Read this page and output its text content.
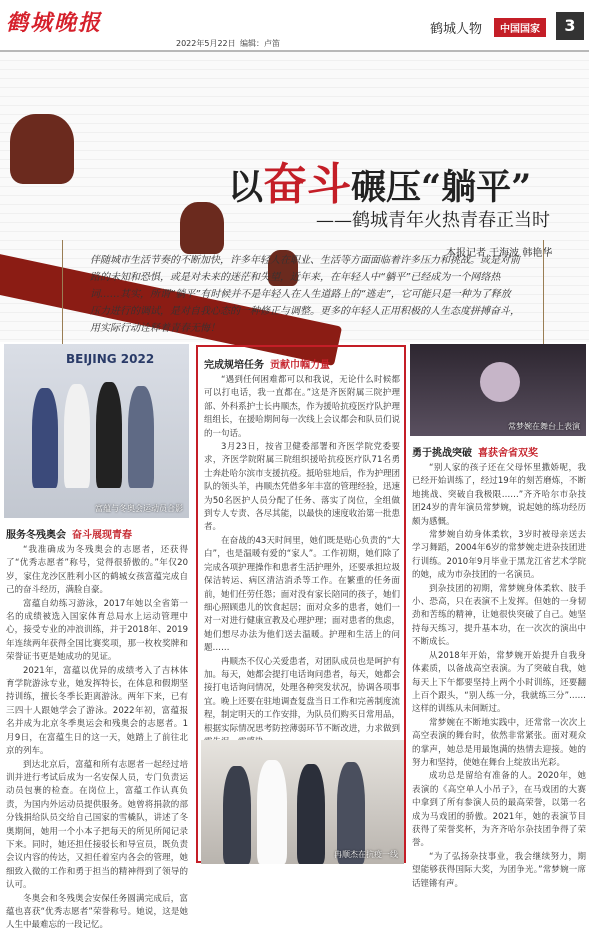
鹤城晚报
2022年5月22日 编辑：卢笛
鹤城人物	中国国家	3
以奋斗碾压“躺平”
——鹤城青年火热青春正当时
本报记者 于海波 韩艳华
伴随城市生活节奏的不断加快，许多年轻人在职业、生活等方面面临着许多压力和挑战。或是对前路的未知和恐惧，或是对未来的迷茫和失望，近年来，在年轻人中“躺平”已经成为一个网络热词……其实，所谓“躺平”有时候并不是年轻人在人生道路上的“逃走”，它可能只是一种为了释放压力进行的调试，是对自我心态的一种修正与调整。更多的年轻人正用积极的人生态度拼搏奋斗，用实际行动诠释着青春无悔！
BEIJING 2022
富蕴与冬奥会运动员合影
服务冬残奥会 奋斗展现青春

“我准确成为冬残奥会的志愿者，还获得了“优秀志愿者”称号，觉得很骄傲的。”年仅20岁，家住龙沙区胜利小区的鹤城女孩富蕴完成自己的奋斗经历，满脸自豪。

富蕴自幼练习游泳，2017年她以全省第一名的成绩被选入国家体育总局水上运动管理中心，接受专业的冲浪训练，并于2018年、2019年连续两年获得全国比赛奖项，那一枚枚奖牌和荣誉证书更是她成功的见证。

2021年，富蕴以优异的成绩考入了吉林体育学院游泳专业，她发挥特长，在体息和假期坚持训练，擅长冬季长距离游泳。两年下来，已有三四十人跟她学会了游泳。2022年初，富蕴报名并成为北京冬季奥运会和残奥会的志愿者。1月9日，在富蕴生日的这一天，她踏上了前往北京的列车。

到达北京后，富蕴和所有志愿者一起经过培训并进行考试后成为一名安保人员，专门负责运动员包裹的检查。在岗位上，富蕴工作认真负责，为国内外运动员提供服务。她曾将捐款的部分钱捐给队员交给自己国家的雪橇队，讲述了冬奥期间，她用一个小本子把每天的所见所闻记录下来。同时，她还担任接驳长和导宣员，既负责会议内容的传达，又担任着室内各会的管理，她细致入微的工作和勇于担当的精神得到了领导的认可。

冬奥会和冬残奥会安保任务圆满完成后，富蕴也喜获“优秀志愿者”荣誉称号。她说，这是她人生中最难忘的一段记忆。

完成规培任务 贡献巾帼力量

“遇到任何困难都可以和我说，无论什么时候都可以打电话，我一直都在。”这是齐医附属三院护理部、外科系护士长冉顺杰，作为援哈抗疫医疗队护理组组长，在援哈期间每一次线上会议都会和队员们说的一句话。

3月23日，按省卫健委部署和齐医学院党委要求，齐医学院附属三院组织援哈抗疫医疗队71名勇士奔赴哈尔滨市支援抗疫。抵哈驻地后，作为护理团队的领头羊，冉顺杰凭借多年丰富的管理经验，迅速为50名医护人员分配了任务、落实了岗位，全组做到专人专责、各尽其能，以最快的速度收治第一批患者。

在奋战的43天时间里，她们既是贴心负责的“大白”，也是温暖有爱的“家人”。工作初期，她们除了完成各项护理操作和患者生活护理外，还要承担垃圾保洁转运、病区清洁消杀等工作。在繁重的任务面前，她们任劳任怨；面对没有家长陪同的孩子，她们细心照顾患儿的饮食起居；面对众多的患者，她们一对一对进行健康宣教及心理护理；面对患者的焦虑，她们想尽办法为他们送去温暖。护理和生活上的问题……

冉顺杰不仅心关爱患者，对团队成员也是呵护有加。每天，她都会提打电话询问患者，每天，她都会接打电话询问情况，处理各种突发状况，协调各项事宜。晚上还要在驻地调查复盘当日工作和完善制度流程，制定明天的工作安排，为队员们购买日常用品，根据实际情况思考防控薄弱环节不断改进，力求做到

冉顺杰在抗疫一线
常梦婉在舞台上表演
勇于挑战突破 喜获舍省双奖

“别人家的孩子还在父母怀里撒娇呢，我已经开始训练了，经过19年的刻苦磨炼，不断地挑战、突破自我极限……”齐齐哈尔市杂技团24岁的青年演员常梦婉，说起她的练功经历颇为感慨。

常梦婉自幼身体柔软，3岁时被母亲送去学习舞蹈，2004年6岁的常梦婉走进杂技团进行训练。2010年9月毕业于黑龙江省艺术学院的她，成为市杂技团的一名演员。

到杂技团的初期，常梦婉身体柔软、肢手小、恐高，只在表演不上发挥。但她的一身韧劲和苦练的精神，让她很快突破了自己。她坚持每天练习，提升基本功，在一次次的演出中不断成长。

从2018年开始，常梦婉开始提升自我身体素质，以备战高空表演。为了突破自我，她每天上下午都要坚持上两个小时训练，还要翻上百个跟头，“别人练一分，我就练三分”……这样的训练从未间断过。

常梦婉在不断地实践中，还常常一次次上高空表演的舞台时，依然非常紧张。面对观众的掌声，她总是用最饱满的热情去迎接。她的努力和坚持，使她在舞台上绽放出光彩。

成功总是留给有准备的人。2020年，她表演的《高空单人小吊子》，在马戏团的大赛中拿到了所有参演人员的最高荣誉，以第一名成为马戏团的骄傲。2021年，她的表演节目获得了荣誉奖杯，为齐齐哈尔杂技团争得了荣誉。

“为了弘扬杂技事业，我会继续努力，期望能够获得国际大奖，为团争光。”常梦婉一席话铿锵有声。
